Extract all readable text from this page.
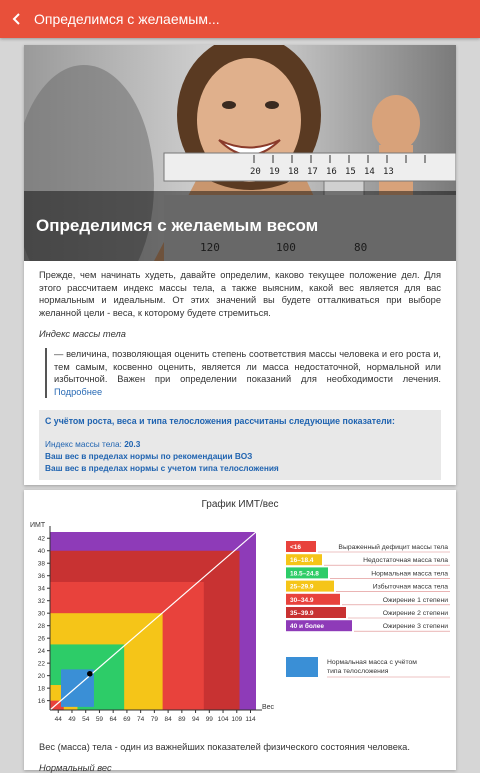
Определимся с желаемым...
20 19 18 17 16 15 14 13
120	100	80
Определимся с желаемым весом

Прежде, чем начинать худеть, давайте определим, каково текущее положение дел. Для этого рассчитаем индекс массы тела, а также выясним, какой вес является для вас нормальным и идеальным. От этих значений вы будете отталкиваться при выборе желанной цели - веса, к которому будете стремиться.

Индекс массы тела

— величина, позволяющая оценить степень соответствия массы человека и его роста и, тем самым, косвенно оценить, является ли масса недостаточной, нормальной или избыточной. Важен при определении показаний для необходимости лечения. Подробнее
С учётом роста, веса и типа телосложения рассчитаны следующие показатели:
Индекс массы тела: 20.3
Ваш вес в пределах нормы по рекомендации ВОЗ
Ваш вес в пределах нормы с учетом типа телосложения
График ИМТ/вес
16
18
20
22
24
26
28
30
32
34
36
38
40
42
44 49 54 59 64 69 74 79 84 89 94 99 104 109 114
ИМТ
Вес
<16	Выраженный дефицит массы тела
16–18.4	Недостаточная масса тела
18.5–24.8	Нормальная масса тела
25–29.9	Избыточная масса тела
30–34.9	Ожирение 1 степени
35–39.9	Ожирение 2 степени
40 и более	Ожирение 3 степени
Нормальная масса с учётом
типа телосложения
Вес (масса) тела - один из важнейших показателей физического состояния человека.
Нормальный вес
